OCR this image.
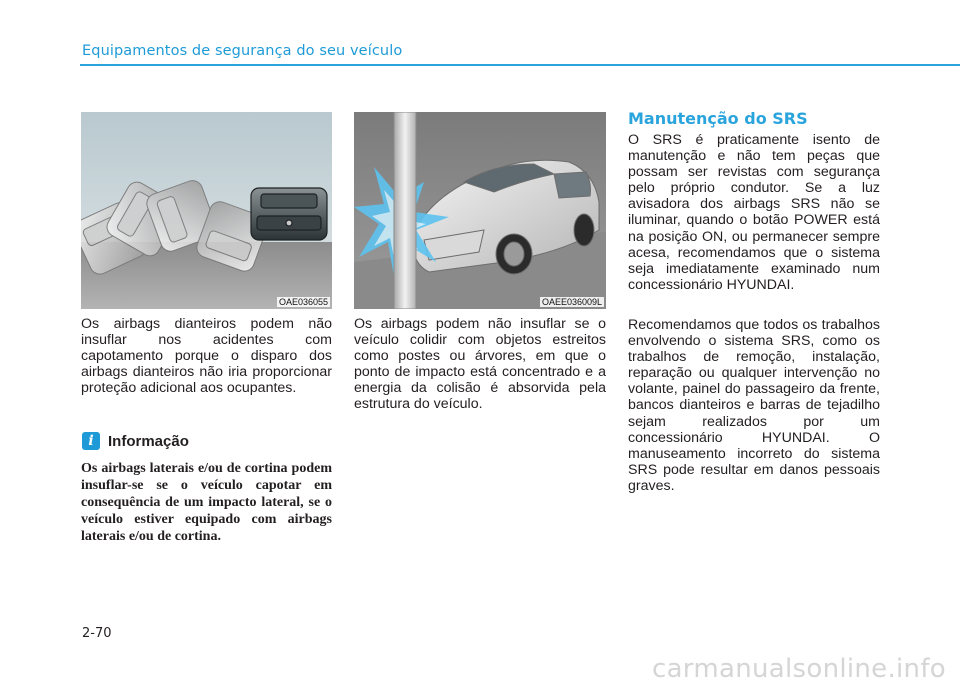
Equipamentos de segurança do seu veículo
OAE036055
Os airbags dianteiros podem não insuflar nos acidentes com capotamento porque o disparo dos airbags dianteiros não iria proporcionar proteção adicional aos ocupantes.
i Informação
Os airbags laterais e/ou de cortina podem insuflar-se se o veículo capotar em consequência de um impacto lateral, se o veículo estiver equipado com airbags laterais e/ou de cortina.
OAEE036009L
Os airbags podem não insuflar se o veículo colidir com objetos estreitos como postes ou árvores, em que o ponto de impacto está concentrado e a energia da colisão é absorvida pela estrutura do veículo.
Manutenção do SRS
O SRS é praticamente isento de manutenção e não tem peças que possam ser revistas com segurança pelo próprio condutor. Se a luz avisadora dos airbags SRS não se iluminar, quando o botão POWER está na posição ON, ou permanecer sempre acesa, recomendamos que o sistema seja imediatamente examinado num concessionário HYUNDAI.
Recomendamos que todos os trabalhos envolvendo o sistema SRS, como os trabalhos de remoção, instalação, reparação ou qualquer intervenção no volante, painel do passageiro da frente, bancos dianteiros e barras de tejadilho sejam realizados por um concessionário HYUNDAI. O manuseamento incorreto do sistema SRS pode resultar em danos pessoais graves.
2-70
carmanualsonline.info
